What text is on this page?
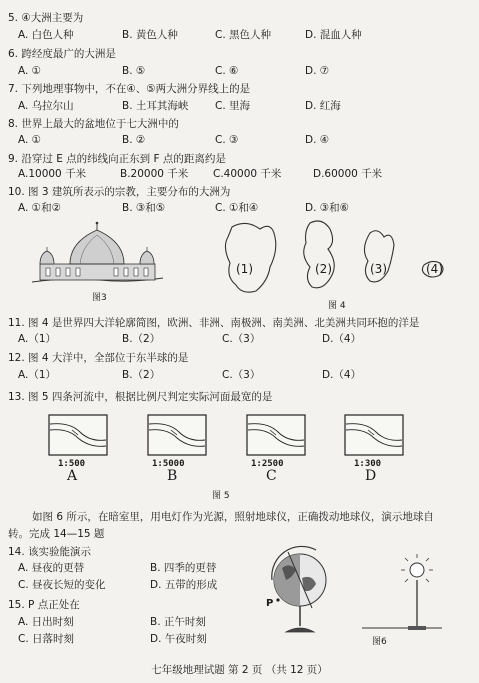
5. ④大洲主要为
A. 白色人种	B. 黄色人种	C. 黑色人种	D. 混血人种
6. 跨经度最广的大洲是
A. ①	B. ⑤	C. ⑥	D. ⑦
7. 下列地理事物中，不在④、⑤两大洲分界线上的是
A. 乌拉尔山	B. 土耳其海峡	C. 里海	D. 红海
8. 世界上最大的盆地位于七大洲中的
A. ①	B. ②	C. ③	D. ④
9. 沿穿过 E 点的纬线向正东到 F 点的距离约是
A.10000 千米	B.20000 千米 C.40000 千米	D.60000 千米
10. 图 3 建筑所表示的宗教，主要分布的大洲为
A. ①和②	B. ③和⑤	C. ①和④	D. ③和⑥
图3
(1)	(2)	(3)	(4)
图 4
11. 图 4 是世界四大洋轮廓简图，欧洲、非洲、南极洲、南美洲、北美洲共同环抱的洋是
A.（1）	B.（2）	C.（3）	D.（4）
12. 图 4 大洋中，全部位于东半球的是
A.（1）	B.（2）	C.（3）	D.（4）
13. 图 5 四条河流中，根据比例尺判定实际河面最宽的是
1:500	1:5000	1:2500	1:300
A	B	C	D
图 5
如图 6 所示，在暗室里，用电灯作为光源，照射地球仪，正确拨动地球仪，演示地球自
转。完成 14—15 题
14. 该实验能演示
A. 昼夜的更替	B. 四季的更替
C. 昼夜长短的变化	D. 五带的形成
15. P 点正处在
A. 日出时刻	B. 正午时刻
C. 日落时刻	D. 午夜时刻
P
图6
七年级地理试题 第 2 页 （共 12 页）
